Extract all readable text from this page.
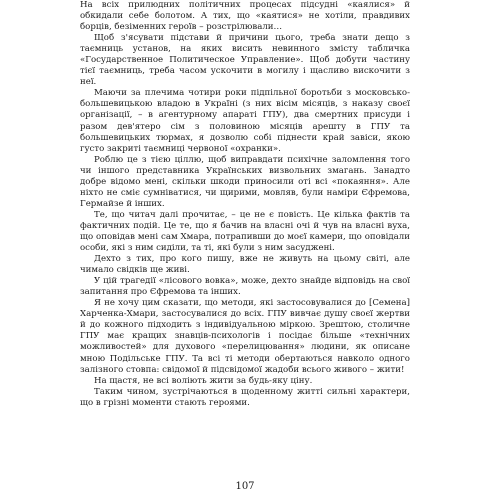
На всіх прилюдних політичних процесах підсудні «каялися» й обкидали себе болотом. А тих, що «каятися» не хотіли, правдивих борців, безіменних героїв – розстрілювали…

Щоб з'ясувати підстави й причини цього, треба знати дещо з таємниць установ, на яких висить невинного змісту табличка «Государственное Политическое Управление». Щоб добути частину тієї таємниць, треба часом ускочити в могилу і щасливо вискочити з неї.

Маючи за плечима чотири роки підпільної боротьби з московсько-большевицькою владою в Україні (з них вісім місяців, з наказу своєї організації, – в агентурному апараті ГПУ), два смертних присуди і разом дев'ятеро сім з половиною місяців арешту в ГПУ та большевицьких тюрмах, я дозволю собі піднести край завіси, якою густо закриті таємниці червоної «охранки».

Роблю це з тією ціллю, щоб виправдати психічне заломлення того чи іншого представника Українських визвольних змагань. Занадто добре відомо мені, скільки шкоди приносили оті всі «покаяння». Але ніхто не сміє сумніватися, чи щирими, мовляв, були наміри Єфремова, Гермайзе й інших.

Те, що читач далі прочитає, – це не є повість. Це кілька фактів та фактичних подій. Це те, що я бачив на власні очі й чув на власні вуха, що оповідав мені сам Хмара, потрапивши до моєї камери, що оповідали особи, які з ним сиділи, та ті, які були з ним засуджені.

Дехто з тих, про кого пишу, вже не живуть на цьому світі, але чимало свідків ще живі.

У цій трагедії «лісового вовка», може, дехто знайде відповідь на свої запитання про Єфремова та інших.

Я не хочу цим сказати, що методи, які застосовувалися до [Семена] Харченка-Хмари, застосувалися до всіх. ГПУ вивчає душу своєї жертви й до кожного підходить з індивідуальною міркою. Зрештою, столичне ГПУ має кращих знавців-психологів і посідає більше «технічних можливостей» для духового «перелицювання» людини, як описане мною Подільське ГПУ. Та всі ті методи обертаються навколо одного залізного стовпа: свідомої й підсвідомої жадоби всього живого – жити!

На щастя, не всі воліють жити за будь-яку ціну.

Таким чином, зустрічаються в щоденному житті сильні характери, що в грізні моменти стають героями.

107
